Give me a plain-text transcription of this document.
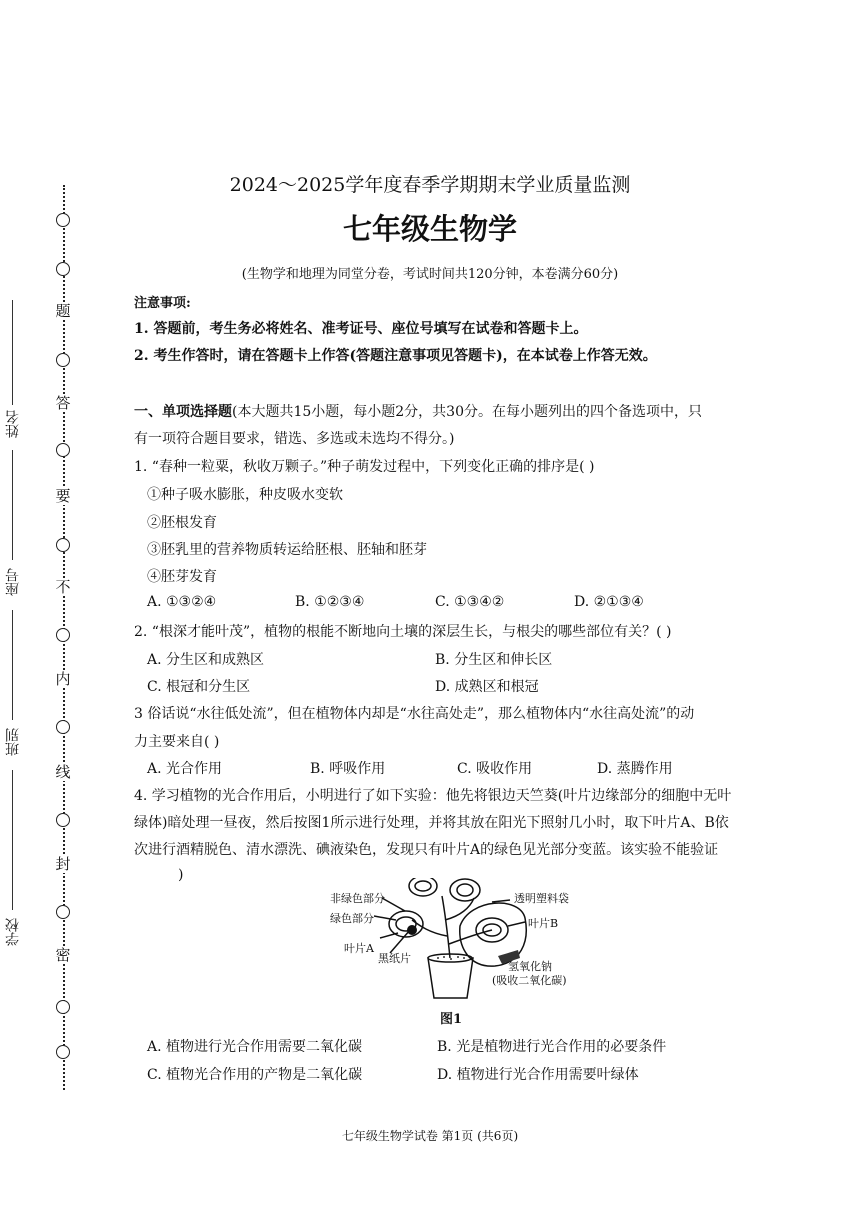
题
答
要
不
内
线
封
密
姓名
座号
班别
学校
2024～2025学年度春季学期期末学业质量监测
七年级生物学
(生物学和地理为同堂分卷，考试时间共120分钟，本卷满分60分)
注意事项:
1. 答题前，考生务必将姓名、准考证号、座位号填写在试卷和答题卡上。
2. 考生作答时，请在答题卡上作答(答题注意事项见答题卡)，在本试卷上作答无效。
一、单项选择题(本大题共15小题，每小题2分，共30分。在每小题列出的四个备选项中，只
有一项符合题目要求，错选、多选或未选均不得分。)
1. “春种一粒粟，秋收万颗子。”种子萌发过程中，下列变化正确的排序是( )
①种子吸水膨胀，种皮吸水变软
②胚根发育
③胚乳里的营养物质转运给胚根、胚轴和胚芽
④胚芽发育
A. ①③②④	B. ①②③④	C. ①③④②	D. ②①③④
2. “根深才能叶茂”，植物的根能不断地向土壤的深层生长，与根尖的哪些部位有关？( )
A. 分生区和成熟区	B. 分生区和伸长区
C. 根冠和分生区	D. 成熟区和根冠
3 俗话说“水往低处流”，但在植物体内却是“水往高处走”，那么植物体内“水往高处流”的动
力主要来自( )
A. 光合作用	B. 呼吸作用	C. 吸收作用	D. 蒸腾作用
4. 学习植物的光合作用后，小明进行了如下实验：他先将银边天竺葵(叶片边缘部分的细胞中无叶
绿体)暗处理一昼夜，然后按图1所示进行处理，并将其放在阳光下照射几小时，取下叶片A、B依
次进行酒精脱色、清水漂洗、碘液染色，发现只有叶片A的绿色见光部分变蓝。该实验不能验证
)
非绿色部分
绿色部分
叶片A
黑纸片
透明塑料袋
叶片B
氢氧化钠
(吸收二氧化碳)
图1
A. 植物进行光合作用需要二氧化碳	B. 光是植物进行光合作用的必要条件
C. 植物光合作用的产物是二氧化碳	D. 植物进行光合作用需要叶绿体
七年级生物学试卷 第1页 (共6页)
